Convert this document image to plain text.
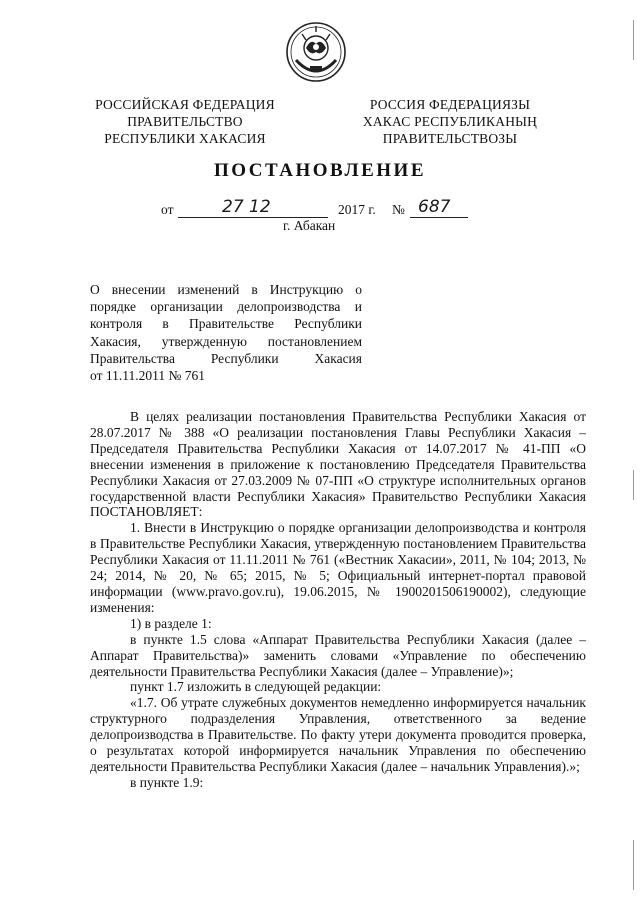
РОССИЙСКАЯ ФЕДЕРАЦИЯ
ПРАВИТЕЛЬСТВО
РЕСПУБЛИКИ ХАКАСИЯ
РОССИЯ ФЕДЕРАЦИЯЗЫ
ХАКАС РЕСПУБЛИКАНЫҢ
ПРАВИТЕЛЬСТВОЗЫ
ПОСТАНОВЛЕНИЕ
от	27 12	2017 г. № 687
г. Абакан
О внесении изменений в Инструкцию о
порядке организации делопроизводства и
контроля в Правительстве Республики
Хакасия, утвержденную постановлением
Правительства Республики Хакасия
от 11.11.2011 № 761

В целях реализации постановления Правительства Республики Хакасия от 28.07.2017 № 388 «О реализации постановления Главы Республики Хакасия – Председателя Правительства Республики Хакасия от 14.07.2017 № 41-ПП «О внесении изменения в приложение к постановлению Председателя Правительства Республики Хакасия от 27.03.2009 № 07-ПП «О структуре исполнительных органов государственной власти Республики Хакасия» Правительство Республики Хакасия ПОСТАНОВЛЯЕТ:

1. Внести в Инструкцию о порядке организации делопроизводства и контроля в Правительстве Республики Хакасия, утвержденную постановлением Правительства Республики Хакасия от 11.11.2011 № 761 («Вестник Хакасии», 2011, № 104; 2013, № 24; 2014, № 20, № 65; 2015, № 5; Официальный интернет-портал правовой информации (www.pravo.gov.ru), 19.06.2015, № 1900201506190002), следующие изменения:

1) в разделе 1:

в пункте 1.5 слова «Аппарат Правительства Республики Хакасия (далее – Аппарат Правительства)» заменить словами «Управление по обеспечению деятельности Правительства Республики Хакасия (далее – Управление)»;

пункт 1.7 изложить в следующей редакции:

«1.7. Об утрате служебных документов немедленно информируется начальник структурного подразделения Управления, ответственного за ведение делопроизводства в Правительстве. По факту утери документа проводится проверка, о результатах которой информируется начальник Управления по обеспечению деятельности Правительства Республики Хакасия (далее – начальник Управления).»;

в пункте 1.9:
